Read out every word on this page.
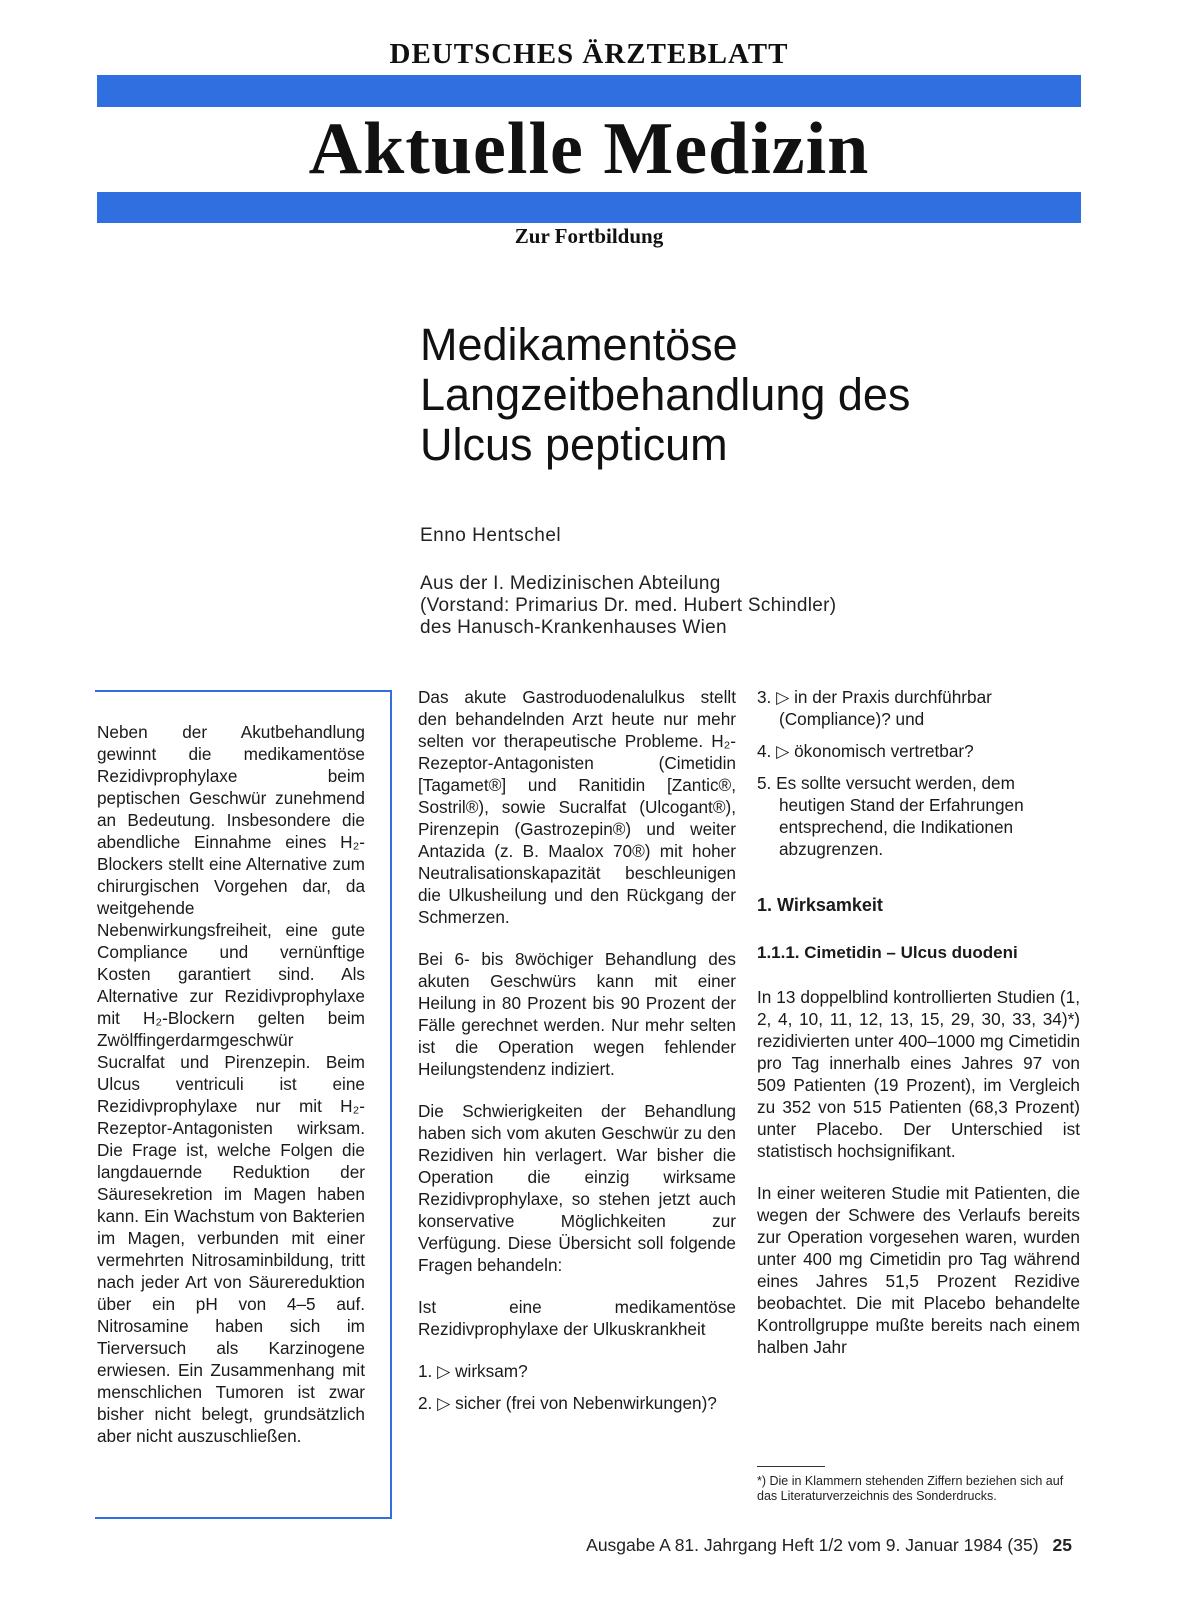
DEUTSCHES ÄRZTEBLATT
Aktuelle Medizin
Zur Fortbildung
Medikamentöse
Langzeitbehandlung des
Ulcus pepticum
Enno Hentschel
Aus der I. Medizinischen Abteilung
(Vorstand: Primarius Dr. med. Hubert Schindler)
des Hanusch-Krankenhauses Wien
Neben der Akutbehandlung gewinnt die medikamentöse Rezidivprophylaxe beim peptischen Geschwür zunehmend an Bedeutung. Insbesondere die abendliche Einnahme eines H₂-Blockers stellt eine Alternative zum chirurgischen Vorgehen dar, da weitgehende Nebenwirkungsfreiheit, eine gute Compliance und vernünftige Kosten garantiert sind. Als Alternative zur Rezidivprophylaxe mit H₂-Blockern gelten beim Zwölffingerdarmgeschwür Sucralfat und Pirenzepin. Beim Ulcus ventriculi ist eine Rezidivprophylaxe nur mit H₂-Rezeptor-Antagonisten wirksam. Die Frage ist, welche Folgen die langdauernde Reduktion der Säuresekretion im Magen haben kann. Ein Wachstum von Bakterien im Magen, verbunden mit einer vermehrten Nitrosaminbildung, tritt nach jeder Art von Säurereduktion über ein pH von 4–5 auf. Nitrosamine haben sich im Tierversuch als Karzinogene erwiesen. Ein Zusammenhang mit menschlichen Tumoren ist zwar bisher nicht belegt, grundsätzlich aber nicht auszuschließen.

Das akute Gastroduodenalulkus stellt den behandelnden Arzt heute nur mehr selten vor therapeutische Probleme. H₂-Rezeptor-Antagonisten (Cimetidin [Tagamet®] und Ranitidin [Zantic®, Sostril®), sowie Sucralfat (Ulcogant®), Pirenzepin (Gastrozepin®) und weiter Antazida (z. B. Maalox 70®) mit hoher Neutralisationskapazität beschleunigen die Ulkusheilung und den Rückgang der Schmerzen.

Bei 6- bis 8wöchiger Behandlung des akuten Geschwürs kann mit einer Heilung in 80 Prozent bis 90 Prozent der Fälle gerechnet werden. Nur mehr selten ist die Operation wegen fehlender Heilungstendenz indiziert.

Die Schwierigkeiten der Behandlung haben sich vom akuten Geschwür zu den Rezidiven hin verlagert. War bisher die Operation die einzig wirksame Rezidivprophylaxe, so stehen jetzt auch konservative Möglichkeiten zur Verfügung. Diese Übersicht soll folgende Fragen behandeln:

Ist eine medikamentöse Rezidivprophylaxe der Ulkuskrankheit

1. ▷ wirksam?
2. ▷ sicher (frei von Nebenwirkungen)?
3. ▷ in der Praxis durchführbar (Compliance)? und
4. ▷ ökonomisch vertretbar?
5. Es sollte versucht werden, dem heutigen Stand der Erfahrungen entsprechend, die Indikationen abzugrenzen.
1. Wirksamkeit
1.1.1. Cimetidin – Ulcus duodeni

In 13 doppelblind kontrollierten Studien (1, 2, 4, 10, 11, 12, 13, 15, 29, 30, 33, 34)*) rezidivierten unter 400–1000 mg Cimetidin pro Tag innerhalb eines Jahres 97 von 509 Patienten (19 Prozent), im Vergleich zu 352 von 515 Patienten (68,3 Prozent) unter Placebo. Der Unterschied ist statistisch hochsignifikant.

In einer weiteren Studie mit Patienten, die wegen der Schwere des Verlaufs bereits zur Operation vorgesehen waren, wurden unter 400 mg Cimetidin pro Tag während eines Jahres 51,5 Prozent Rezidive beobachtet. Die mit Placebo behandelte Kontrollgruppe mußte bereits nach einem halben Jahr

*) Die in Klammern stehenden Ziffern beziehen sich auf das Literaturverzeichnis des Sonderdrucks.
Ausgabe A 81. Jahrgang Heft 1/2 vom 9. Januar 1984 (35) 25
